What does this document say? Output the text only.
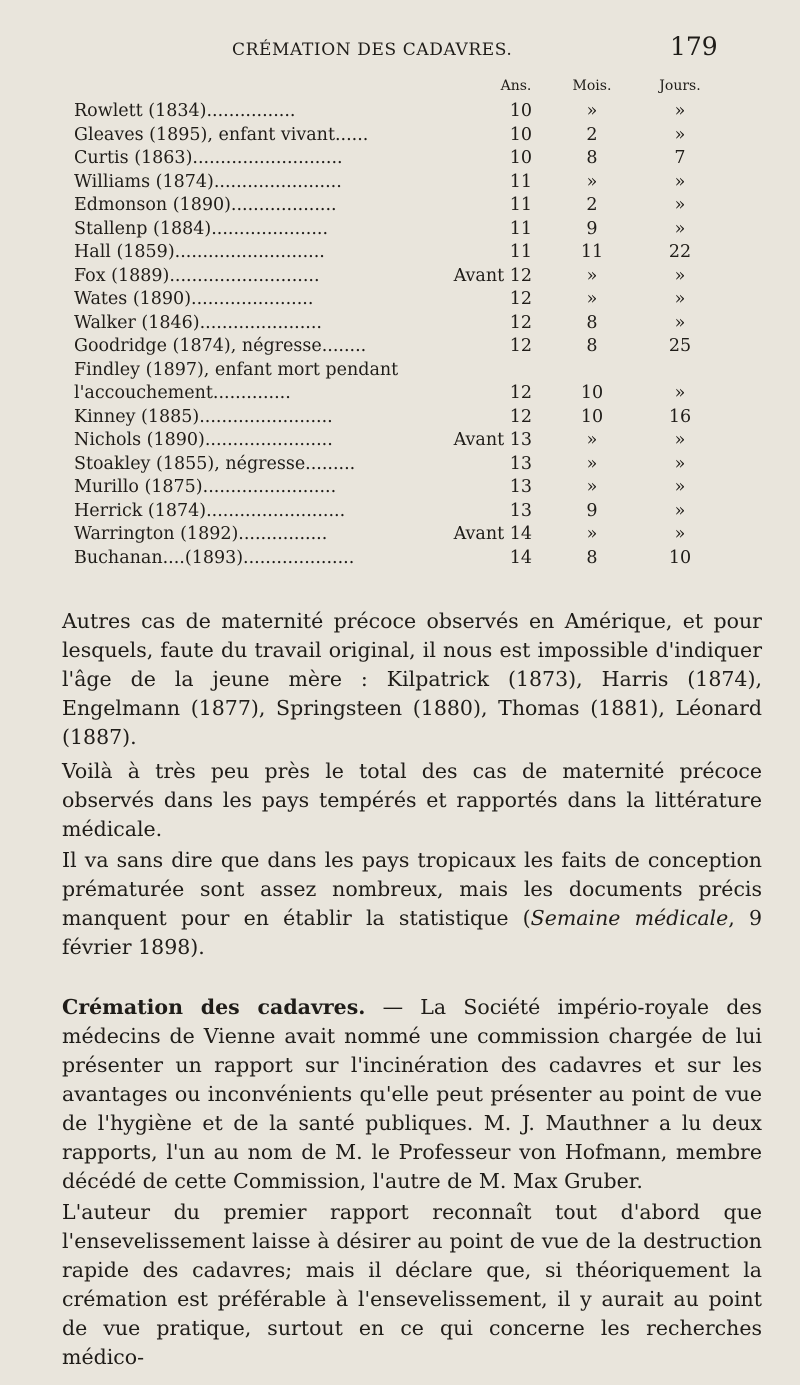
CRÉMATION DES CADAVRES.	179
Ans.	Mois.	Jours.
Rowlett (1834)................	10	»	»
Gleaves (1895), enfant vivant......	10	2	»
Curtis (1863)...........................	10	8	7
Williams (1874).......................	11	»	»
Edmonson (1890)...................	11	2	»
Stallenp (1884).....................	11	9	»
Hall (1859)...........................	11	11	22
Fox (1889)...........................	Avant 12	»	»
Wates (1890)......................	12	»	»
Walker (1846)......................	12	8	»
Goodridge (1874), négresse........	12	8	25
Findley (1897), enfant mort pendant l'accouchement..............	12	10	»
Kinney (1885)........................	12	10	16
Nichols (1890).......................	Avant 13	»	»
Stoakley (1855), négresse.........	13	»	»
Murillo (1875)........................	13	»	»
Herrick (1874).........................	13	9	»
Warrington (1892)................	Avant 14	»	»
Buchanan....(1893)....................	14	8	10

Autres cas de maternité précoce observés en Amérique, et pour lesquels, faute du travail original, il nous est impossible d'indiquer l'âge de la jeune mère : Kilpatrick (1873), Harris (1874), Engelmann (1877), Springsteen (1880), Thomas (1881), Léonard (1887).

Voilà à très peu près le total des cas de maternité précoce observés dans les pays tempérés et rapportés dans la littérature médicale.

Il va sans dire que dans les pays tropicaux les faits de conception prématurée sont assez nombreux, mais les documents précis manquent pour en établir la statistique (Semaine médicale, 9 février 1898).

Crémation des cadavres. — La Société império-royale des médecins de Vienne avait nommé une commission chargée de lui présenter un rapport sur l'incinération des cadavres et sur les avantages ou inconvénients qu'elle peut présenter au point de vue de l'hygiène et de la santé publiques. M. J. Mauthner a lu deux rapports, l'un au nom de M. le Professeur von Hofmann, membre décédé de cette Commission, l'autre de M. Max Gruber.

L'auteur du premier rapport reconnaît tout d'abord que l'ensevelissement laisse à désirer au point de vue de la destruction rapide des cadavres; mais il déclare que, si théoriquement la crémation est préférable à l'ensevelissement, il y aurait au point de vue pratique, surtout en ce qui concerne les recherches médico-
